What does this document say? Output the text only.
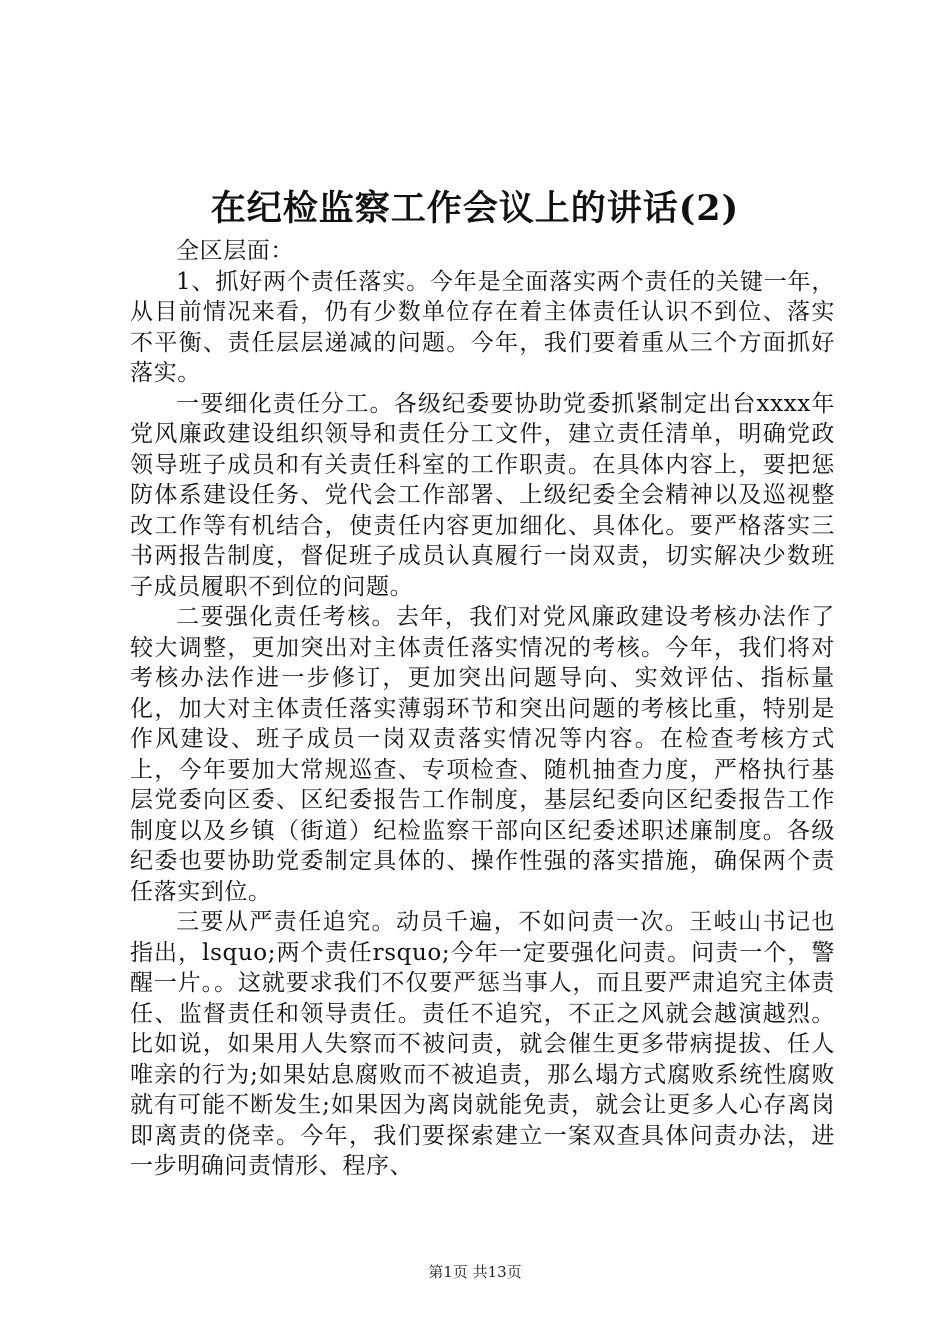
在纪检监察工作会议上的讲话(2)

全区层面：

1、抓好两个责任落实。今年是全面落实两个责任的关键一年，从目前情况来看，仍有少数单位存在着主体责任认识不到位、落实不平衡、责任层层递减的问题。今年，我们要着重从三个方面抓好落实。

一要细化责任分工。各级纪委要协助党委抓紧制定出台xxxx年党风廉政建设组织领导和责任分工文件，建立责任清单，明确党政领导班子成员和有关责任科室的工作职责。在具体内容上，要把惩防体系建设任务、党代会工作部署、上级纪委全会精神以及巡视整改工作等有机结合，使责任内容更加细化、具体化。要严格落实三书两报告制度，督促班子成员认真履行一岗双责，切实解决少数班子成员履职不到位的问题。

二要强化责任考核。去年，我们对党风廉政建设考核办法作了较大调整，更加突出对主体责任落实情况的考核。今年，我们将对考核办法作进一步修订，更加突出问题导向、实效评估、指标量化，加大对主体责任落实薄弱环节和突出问题的考核比重，特别是作风建设、班子成员一岗双责落实情况等内容。在检查考核方式上，今年要加大常规巡查、专项检查、随机抽查力度，严格执行基层党委向区委、区纪委报告工作制度，基层纪委向区纪委报告工作制度以及乡镇（街道）纪检监察干部向区纪委述职述廉制度。各级纪委也要协助党委制定具体的、操作性强的落实措施，确保两个责任落实到位。

三要从严责任追究。动员千遍，不如问责一次。王岐山书记也指出，lsquo;两个责任rsquo;今年一定要强化问责。问责一个，警醒一片。。这就要求我们不仅要严惩当事人，而且要严肃追究主体责任、监督责任和领导责任。责任不追究，不正之风就会越演越烈。比如说，如果用人失察而不被问责，就会催生更多带病提拔、任人唯亲的行为;如果姑息腐败而不被追责，那么塌方式腐败系统性腐败就有可能不断发生;如果因为离岗就能免责，就会让更多人心存离岗即离责的侥幸。今年，我们要探索建立一案双查具体问责办法，进一步明确问责情形、程序、

第1页 共13页
